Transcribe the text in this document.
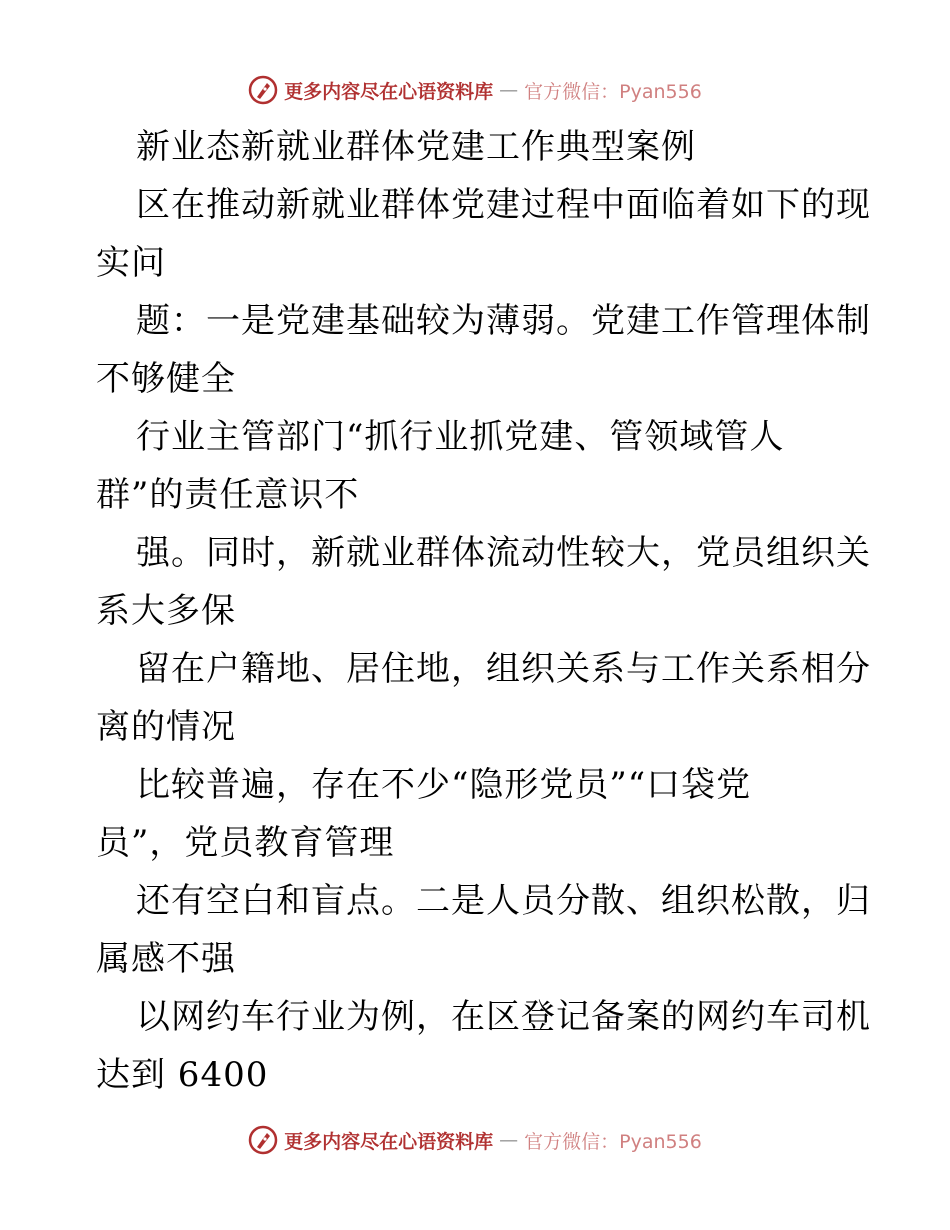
更多内容尽在心语资料库 — 官方微信：Pyan556
新业态新就业群体党建工作典型案例
区在推动新就业群体党建过程中面临着如下的现
实问
题：一是党建基础较为薄弱。党建工作管理体制
不够健全
行业主管部门“抓行业抓党建、管领域管人
群”的责任意识不
强。同时，新就业群体流动性较大，党员组织关
系大多保
留在户籍地、居住地，组织关系与工作关系相分
离的情况
比较普遍，存在不少“隐形党员”“口袋党
员”，党员教育管理
还有空白和盲点。二是人员分散、组织松散，归
属感不强
以网约车行业为例，在区登记备案的网约车司机
达到 6400
更多内容尽在心语资料库 — 官方微信：Pyan556
